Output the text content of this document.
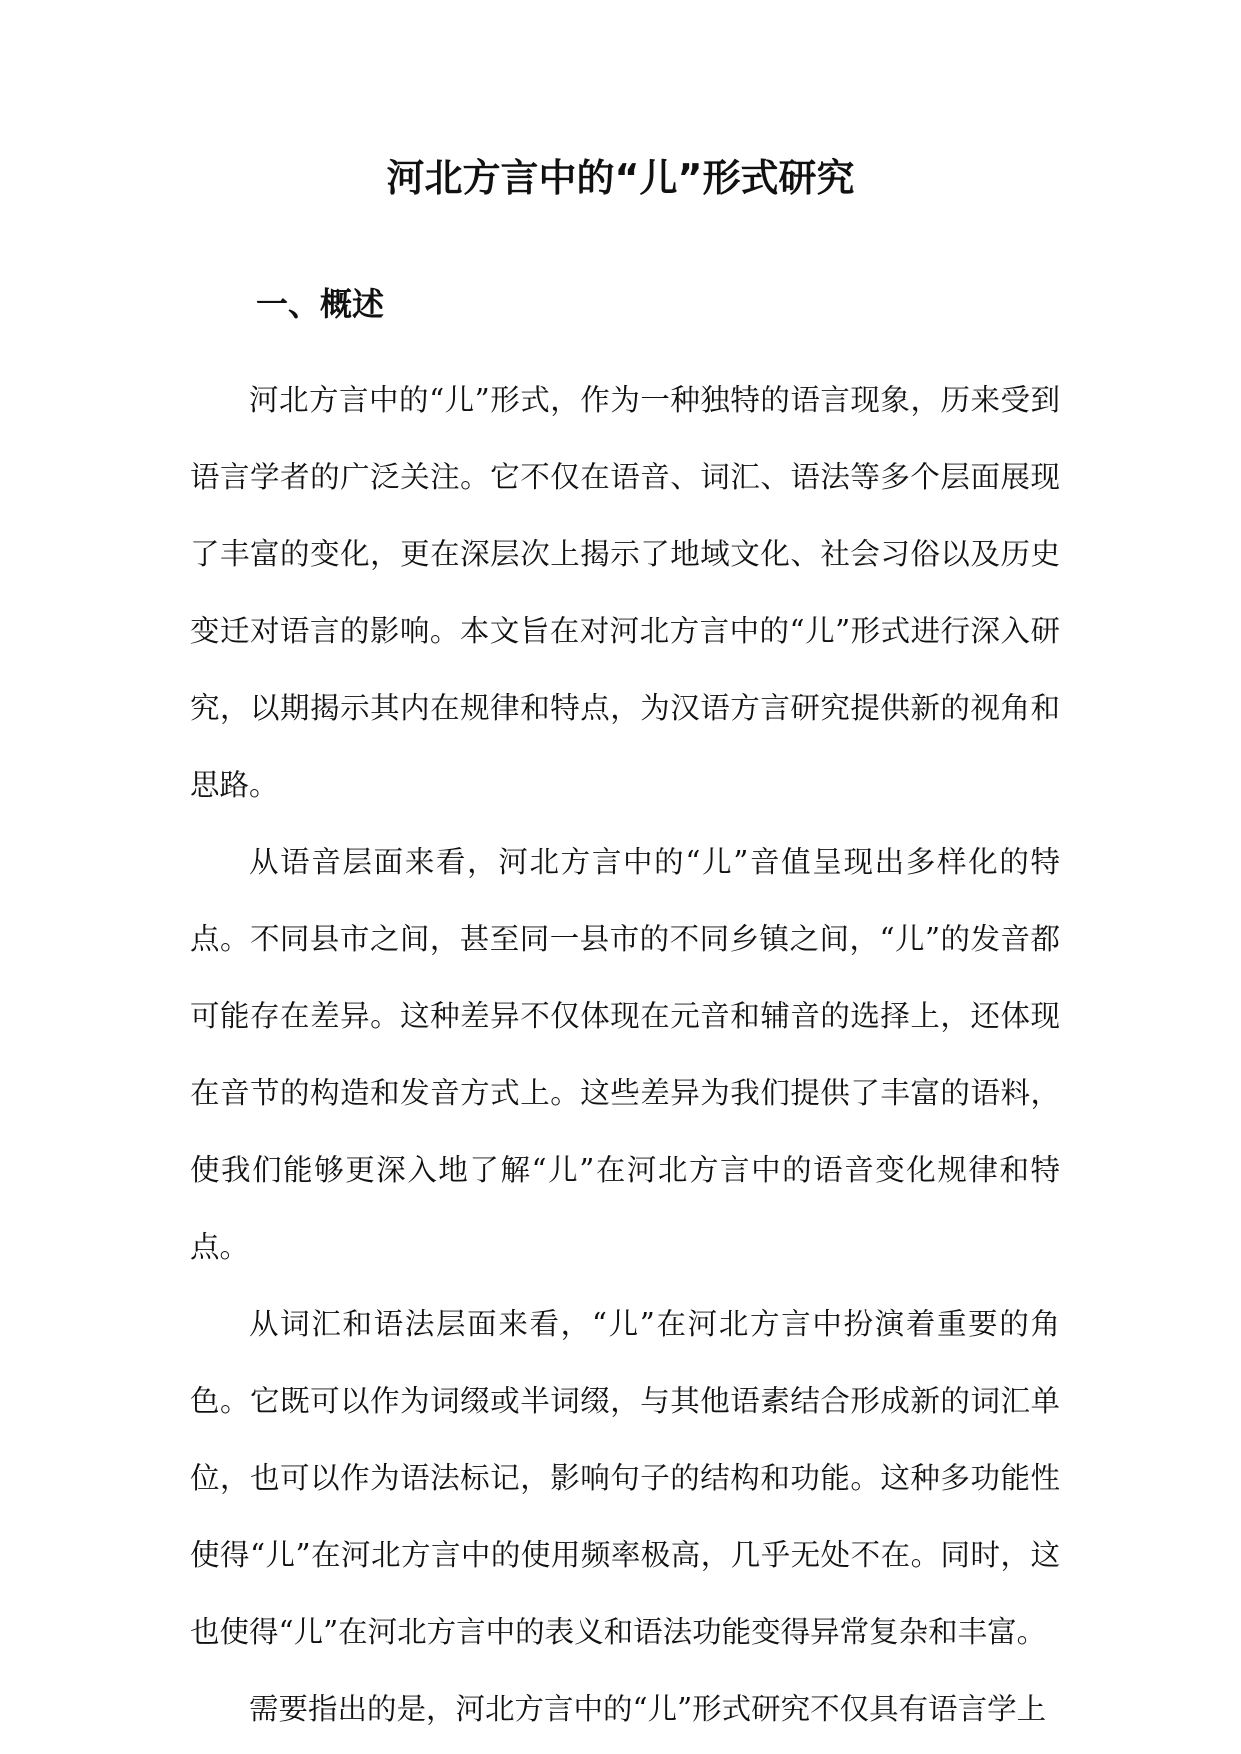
河北方言中的“儿”形式研究
一、概述

河北方言中的“儿”形式，作为一种独特的语言现象，历来受到语言学者的广泛关注。它不仅在语音、词汇、语法等多个层面展现了丰富的变化，更在深层次上揭示了地域文化、社会习俗以及历史变迁对语言的影响。本文旨在对河北方言中的“儿”形式进行深入研究，以期揭示其内在规律和特点，为汉语方言研究提供新的视角和思路。

从语音层面来看，河北方言中的“儿”音值呈现出多样化的特点。不同县市之间，甚至同一县市的不同乡镇之间，“儿”的发音都可能存在差异。这种差异不仅体现在元音和辅音的选择上，还体现在音节的构造和发音方式上。这些差异为我们提供了丰富的语料，使我们能够更深入地了解“儿”在河北方言中的语音变化规律和特点。

从词汇和语法层面来看，“儿”在河北方言中扮演着重要的角色。它既可以作为词缀或半词缀，与其他语素结合形成新的词汇单位，也可以作为语法标记，影响句子的结构和功能。这种多功能性使得“儿”在河北方言中的使用频率极高，几乎无处不在。同时，这也使得“儿”在河北方言中的表义和语法功能变得异常复杂和丰富。

需要指出的是，河北方言中的“儿”形式研究不仅具有语言学上
